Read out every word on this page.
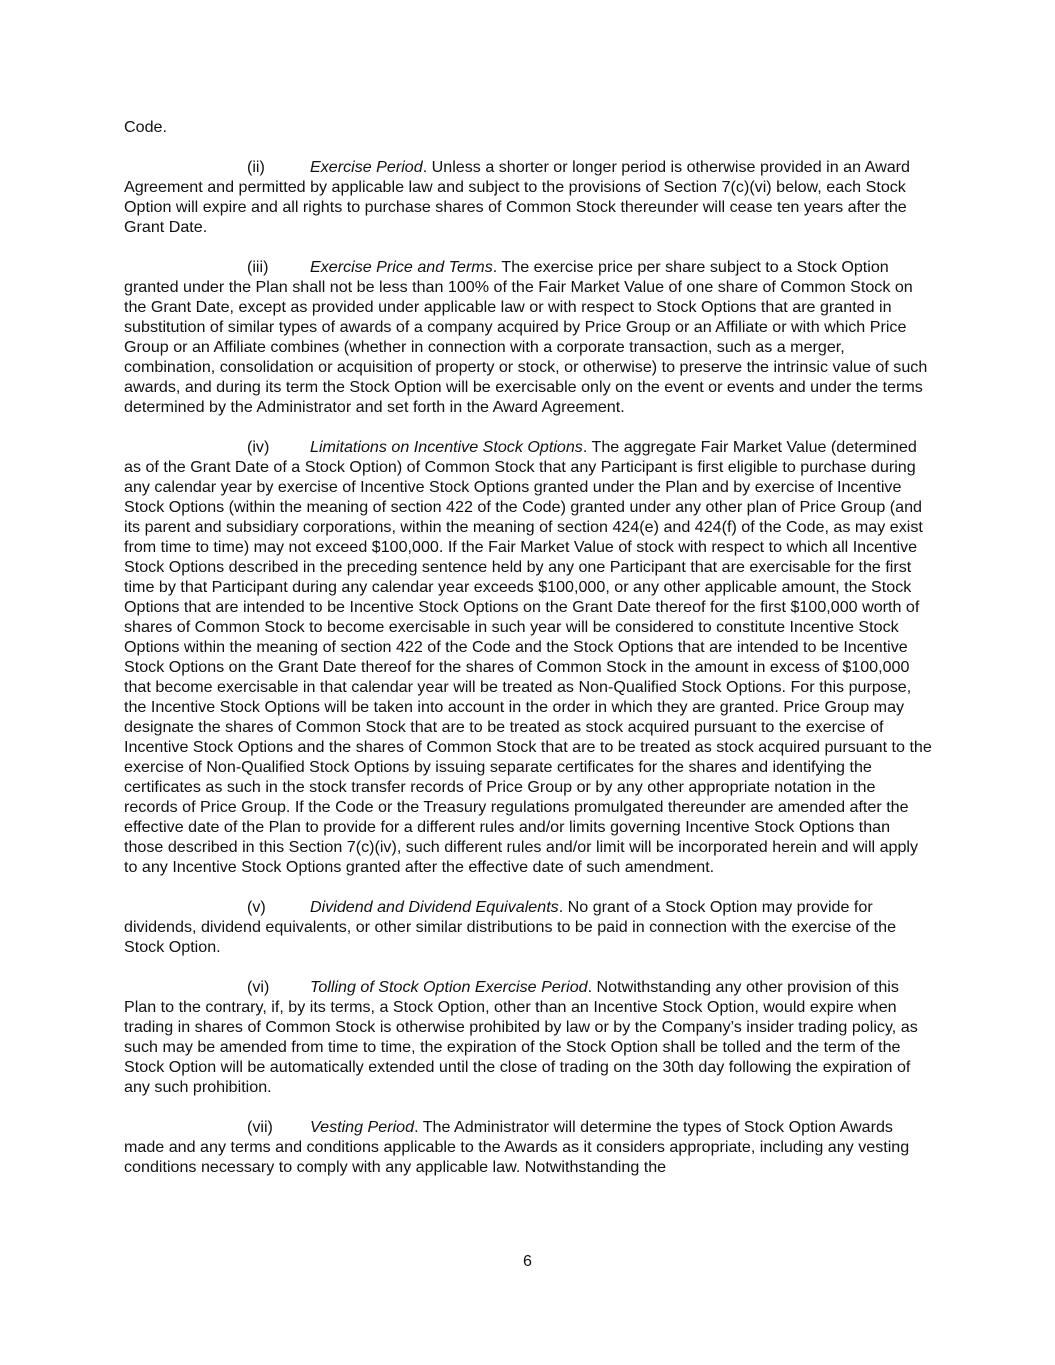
Code.

(ii)	Exercise Period. Unless a shorter or longer period is otherwise provided in an Award Agreement and permitted by applicable law and subject to the provisions of Section 7(c)(vi) below, each Stock Option will expire and all rights to purchase shares of Common Stock thereunder will cease ten years after the Grant Date.

(iii)	Exercise Price and Terms. The exercise price per share subject to a Stock Option granted under the Plan shall not be less than 100% of the Fair Market Value of one share of Common Stock on the Grant Date, except as provided under applicable law or with respect to Stock Options that are granted in substitution of similar types of awards of a company acquired by Price Group or an Affiliate or with which Price Group or an Affiliate combines (whether in connection with a corporate transaction, such as a merger, combination, consolidation or acquisition of property or stock, or otherwise) to preserve the intrinsic value of such awards, and during its term the Stock Option will be exercisable only on the event or events and under the terms determined by the Administrator and set forth in the Award Agreement.

(iv)	Limitations on Incentive Stock Options. The aggregate Fair Market Value (determined as of the Grant Date of a Stock Option) of Common Stock that any Participant is first eligible to purchase during any calendar year by exercise of Incentive Stock Options granted under the Plan and by exercise of Incentive Stock Options (within the meaning of section 422 of the Code) granted under any other plan of Price Group (and its parent and subsidiary corporations, within the meaning of section 424(e) and 424(f) of the Code, as may exist from time to time) may not exceed $100,000. If the Fair Market Value of stock with respect to which all Incentive Stock Options described in the preceding sentence held by any one Participant that are exercisable for the first time by that Participant during any calendar year exceeds $100,000, or any other applicable amount, the Stock Options that are intended to be Incentive Stock Options on the Grant Date thereof for the first $100,000 worth of shares of Common Stock to become exercisable in such year will be considered to constitute Incentive Stock Options within the meaning of section 422 of the Code and the Stock Options that are intended to be Incentive Stock Options on the Grant Date thereof for the shares of Common Stock in the amount in excess of $100,000 that become exercisable in that calendar year will be treated as Non-Qualified Stock Options. For this purpose, the Incentive Stock Options will be taken into account in the order in which they are granted. Price Group may designate the shares of Common Stock that are to be treated as stock acquired pursuant to the exercise of Incentive Stock Options and the shares of Common Stock that are to be treated as stock acquired pursuant to the exercise of Non-Qualified Stock Options by issuing separate certificates for the shares and identifying the certificates as such in the stock transfer records of Price Group or by any other appropriate notation in the records of Price Group. If the Code or the Treasury regulations promulgated thereunder are amended after the effective date of the Plan to provide for a different rules and/or limits governing Incentive Stock Options than those described in this Section 7(c)(iv), such different rules and/or limit will be incorporated herein and will apply to any Incentive Stock Options granted after the effective date of such amendment.

(v)	Dividend and Dividend Equivalents. No grant of a Stock Option may provide for dividends, dividend equivalents, or other similar distributions to be paid in connection with the exercise of the Stock Option.

(vi)	Tolling of Stock Option Exercise Period. Notwithstanding any other provision of this Plan to the contrary, if, by its terms, a Stock Option, other than an Incentive Stock Option, would expire when trading in shares of Common Stock is otherwise prohibited by law or by the Company’s insider trading policy, as such may be amended from time to time, the expiration of the Stock Option shall be tolled and the term of the Stock Option will be automatically extended until the close of trading on the 30th day following the expiration of any such prohibition.

(vii) Vesting Period. The Administrator will determine the types of Stock Option Awards made and any terms and conditions applicable to the Awards as it considers appropriate, including any vesting conditions necessary to comply with any applicable law. Notwithstanding the

6
